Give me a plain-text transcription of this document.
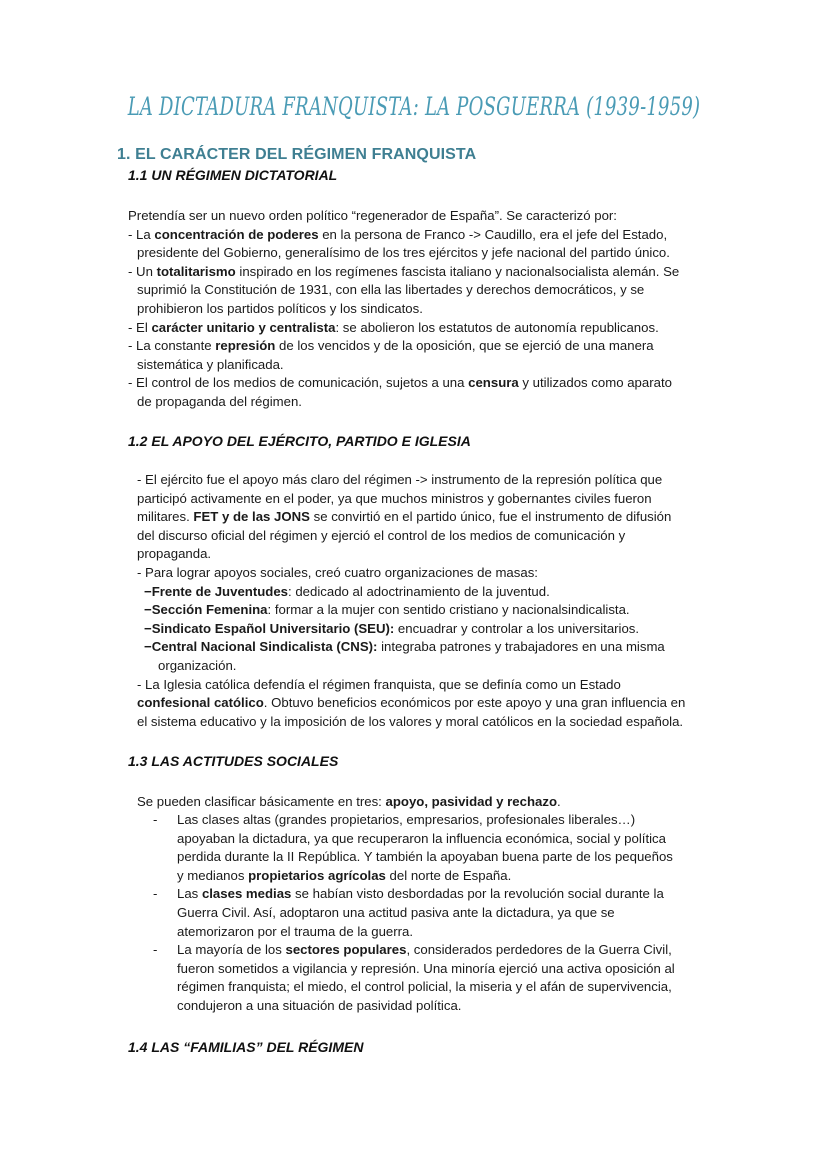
LA DICTADURA FRANQUISTA: LA POSGUERRA (1939-1959)
1. EL CARÁCTER DEL RÉGIMEN FRANQUISTA
1.1 UN RÉGIMEN DICTATORIAL
Pretendía ser un nuevo orden político “regenerador de España”. Se caracterizó por:
- La concentración de poderes en la persona de Franco -> Caudillo, era el jefe del Estado,
presidente del Gobierno, generalísimo de los tres ejércitos y jefe nacional del partido único.
- Un totalitarismo inspirado en los regímenes fascista italiano y nacionalsocialista alemán. Se
suprimió la Constitución de 1931, con ella las libertades y derechos democráticos, y se
prohibieron los partidos políticos y los sindicatos.
- El carácter unitario y centralista: se abolieron los estatutos de autonomía republicanos.
- La constante represión de los vencidos y de la oposición, que se ejerció de una manera
sistemática y planificada.
- El control de los medios de comunicación, sujetos a una censura y utilizados como aparato
de propaganda del régimen.
1.2 EL APOYO DEL EJÉRCITO, PARTIDO E IGLESIA
- El ejército fue el apoyo más claro del régimen -> instrumento de la represión política que
participó activamente en el poder, ya que muchos ministros y gobernantes civiles fueron
militares. FET y de las JONS se convirtió en el partido único, fue el instrumento de difusión
del discurso oficial del régimen y ejerció el control de los medios de comunicación y
propaganda.
- Para lograr apoyos sociales, creó cuatro organizaciones de masas:
−Frente de Juventudes: dedicado al adoctrinamiento de la juventud.
−Sección Femenina: formar a la mujer con sentido cristiano y nacionalsindicalista.
−Sindicato Español Universitario (SEU): encuadrar y controlar a los universitarios.
−Central Nacional Sindicalista (CNS): integraba patrones y trabajadores en una misma
organización.
- La Iglesia católica defendía el régimen franquista, que se definía como un Estado
confesional católico. Obtuvo beneficios económicos por este apoyo y una gran influencia en
el sistema educativo y la imposición de los valores y moral católicos en la sociedad española.
1.3 LAS ACTITUDES SOCIALES
Se pueden clasificar básicamente en tres: apoyo, pasividad y rechazo.
- Las clases altas (grandes propietarios, empresarios, profesionales liberales…)
apoyaban la dictadura, ya que recuperaron la influencia económica, social y política
perdida durante la II República. Y también la apoyaban buena parte de los pequeños
y medianos propietarios agrícolas del norte de España.
- Las clases medias se habían visto desbordadas por la revolución social durante la
Guerra Civil. Así, adoptaron una actitud pasiva ante la dictadura, ya que se
atemorizaron por el trauma de la guerra.
- La mayoría de los sectores populares, considerados perdedores de la Guerra Civil,
fueron sometidos a vigilancia y represión. Una minoría ejerció una activa oposición al
régimen franquista; el miedo, el control policial, la miseria y el afán de supervivencia,
condujeron a una situación de pasividad política.
1.4 LAS “FAMILIAS” DEL RÉGIMEN
